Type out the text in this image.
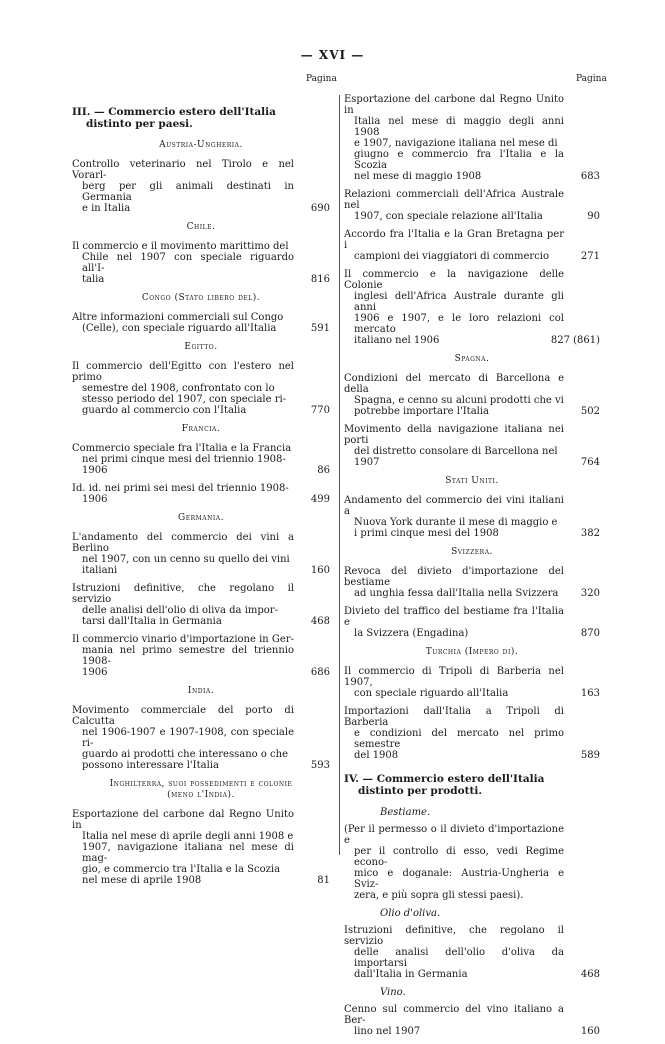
— XVI —
Pagina	Pagina
III. — Commercio estero dell'Italia
distinto per paesi.
Austria-Ungheria.
Controllo veterinario nel Tirolo e nel Vorarl-
berg per gli animali destinati in Germania
e in Italia	690
Chile.
Il commercio e il movimento marittimo del
Chile nel 1907 con speciale riguardo all'I-
talia	816
Congo (Stato libero del).
Altre informazioni commerciali sul Congo
(Celle), con speciale riguardo all'Italia	591
Egitto.
Il commercio dell'Egitto con l'estero nel primo
semestre del 1908, confrontato con lo
stesso periodo del 1907, con speciale ri-
guardo al commercio con l'Italia	770
Francia.
Commercio speciale fra l'Italia e la Francia
nei primi cinque mesi del triennio 1908-
1906	86
Id. id. nei primi sei mesi del triennio 1908-
1906	499
Germania.
L'andamento del commercio dei vini a Berlino
nel 1907, con un cenno su quello dei vini
italiani	160
Istruzioni definitive, che regolano il servizio
delle analisi dell'olio di oliva da impor-
tarsi dall'Italia in Germania	468
Il commercio vinario d'importazione in Ger-
mania nel primo semestre del triennio 1908-
1906	686
India.
Movimento commerciale del porto di Calcutta
nel 1906-1907 e 1907-1908, con speciale ri-
guardo ai prodotti che interessano o che
possono interessare l'Italia	593
Inghilterra, suoi possedimenti e colonie
(meno l'India).
Esportazione del carbone dal Regno Unito in
Italia nel mese di aprile degli anni 1908 e
1907, navigazione italiana nel mese di mag-
gio, e commercio tra l'Italia e la Scozia
nel mese di aprile 1908	81
Esportazione del carbone dal Regno Unito in
Italia nel mese di maggio degli anni 1908
e 1907, navigazione italiana nel mese di
giugno e commercio fra l'Italia e la Scozia
nel mese di maggio 1908	683
Relazioni commerciali dell'Africa Australe nel
1907, con speciale relazione all'Italia	90
Accordo fra l'Italia e la Gran Bretagna per i
campioni dei viaggiatori di commercio	271
Il commercio e la navigazione delle Colonie
inglesi dell'Africa Australe durante gli anni
1906 e 1907, e le loro relazioni col mercato
italiano nel 1906	827 (861)
Spagna.
Condizioni del mercato di Barcellona e della
Spagna, e cenno su alcuni prodotti che vi
potrebbe importare l'Italia	502
Movimento della navigazione italiana nei porti
del distretto consolare di Barcellona nel
1907	764
Stati Uniti.
Andamento del commercio dei vini italiani a
Nuova York durante il mese di maggio e
i primi cinque mesi del 1908	382
Svizzera.
Revoca del divieto d'importazione del bestiame
ad unghia fessa dall'Italia nella Svizzera	320
Divieto del traffico del bestiame fra l'Italia e
la Svizzera (Engadina)	870
Turchia (Impero di).
Il commercio di Tripoli di Barberia nel 1907,
con speciale riguardo all'Italia	163
Importazioni dall'Italia a Tripoli di Barberia
e condizioni del mercato nel primo semestre
del 1908	589
IV. — Commercio estero dell'Italia
distinto per prodotti.
Bestiame.
(Per il permesso o il divieto d'importazione e
per il controllo di esso, vedi Regime econo-
mico e doganale: Austria-Ungheria e Sviz-
zera, e più sopra gli stessi paesi).
Olio d'oliva.
Istruzioni definitive, che regolano il servizio
delle analisi dell'olio d'oliva da importarsi
dall'Italia in Germania	468
Vino.
Cenno sul commercio del vino italiano a Ber-
lino nel 1907	160
